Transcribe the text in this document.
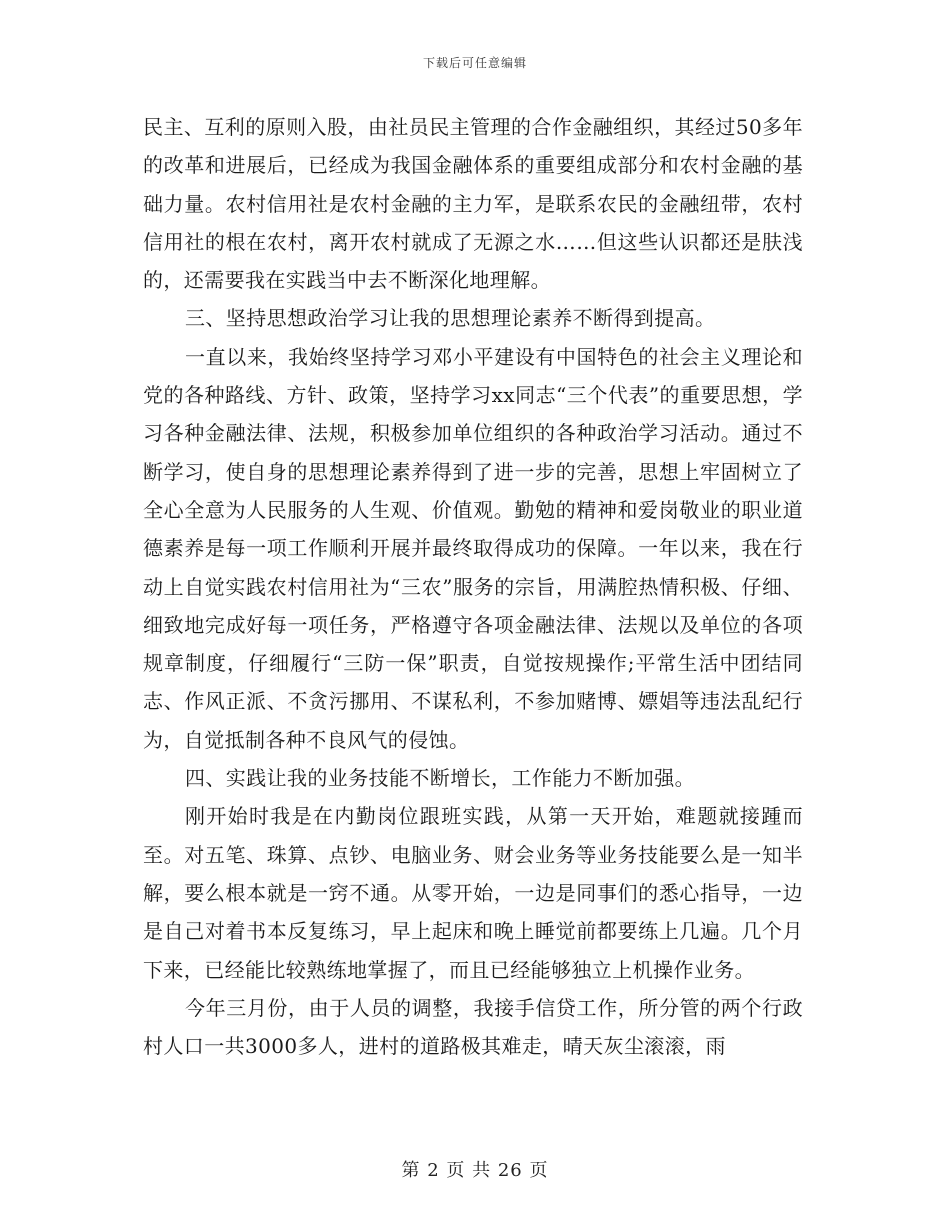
下载后可任意编辑

民主、互利的原则入股，由社员民主管理的合作金融组织，其经过50多年的改革和进展后，已经成为我国金融体系的重要组成部分和农村金融的基础力量。农村信用社是农村金融的主力军，是联系农民的金融纽带，农村信用社的根在农村，离开农村就成了无源之水……但这些认识都还是肤浅的，还需要我在实践当中去不断深化地理解。

三、坚持思想政治学习让我的思想理论素养不断得到提高。

一直以来，我始终坚持学习邓小平建设有中国特色的社会主义理论和党的各种路线、方针、政策，坚持学习xx同志“三个代表”的重要思想，学习各种金融法律、法规，积极参加单位组织的各种政治学习活动。通过不断学习，使自身的思想理论素养得到了进一步的完善，思想上牢固树立了全心全意为人民服务的人生观、价值观。勤勉的精神和爱岗敬业的职业道德素养是每一项工作顺利开展并最终取得成功的保障。一年以来，我在行动上自觉实践农村信用社为“三农”服务的宗旨，用满腔热情积极、仔细、细致地完成好每一项任务，严格遵守各项金融法律、法规以及单位的各项规章制度，仔细履行“三防一保”职责，自觉按规操作;平常生活中团结同志、作风正派、不贪污挪用、不谋私利，不参加赌博、嫖娼等违法乱纪行为，自觉抵制各种不良风气的侵蚀。

四、实践让我的业务技能不断增长，工作能力不断加强。

刚开始时我是在内勤岗位跟班实践，从第一天开始，难题就接踵而至。对五笔、珠算、点钞、电脑业务、财会业务等业务技能要么是一知半解，要么根本就是一窍不通。从零开始，一边是同事们的悉心指导，一边是自己对着书本反复练习，早上起床和晚上睡觉前都要练上几遍。几个月下来，已经能比较熟练地掌握了，而且已经能够独立上机操作业务。

今年三月份，由于人员的调整，我接手信贷工作，所分管的两个行政村人口一共3000多人，进村的道路极其难走，晴天灰尘滚滚，雨

第 2 页 共 26 页
